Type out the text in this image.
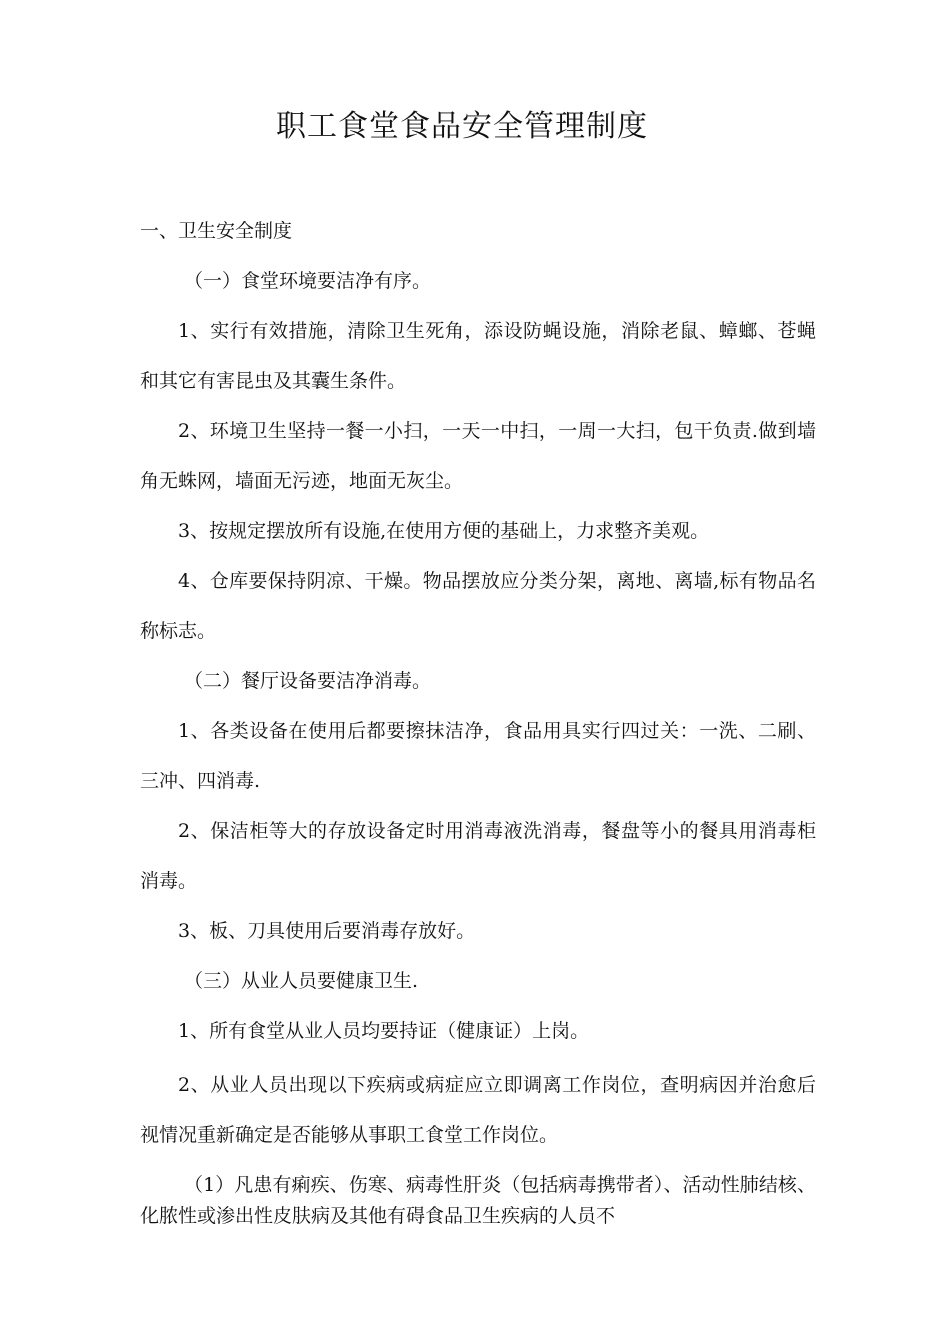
职工食堂食品安全管理制度

一、卫生安全制度

（一）食堂环境要洁净有序。

1、实行有效措施，清除卫生死角，添设防蝇设施，消除老鼠、蟑螂、苍蝇和其它有害昆虫及其囊生条件。

2、环境卫生坚持一餐一小扫，一天一中扫，一周一大扫，包干负责.做到墙角无蛛网，墙面无污迹，地面无灰尘。

3、按规定摆放所有设施,在使用方便的基础上，力求整齐美观。

4、仓库要保持阴凉、干燥。物品摆放应分类分架，离地、离墙,标有物品名称标志。

（二）餐厅设备要洁净消毒。

1、各类设备在使用后都要擦抹洁净，食品用具实行四过关：一洗、二刷、三冲、四消毒.

2、保洁柜等大的存放设备定时用消毒液洗消毒，餐盘等小的餐具用消毒柜消毒。

3、板、刀具使用后要消毒存放好。

（三）从业人员要健康卫生.

1、所有食堂从业人员均要持证（健康证）上岗。

2、从业人员出现以下疾病或病症应立即调离工作岗位，查明病因并治愈后视情况重新确定是否能够从事职工食堂工作岗位。

（1）凡患有痢疾、伤寒、病毒性肝炎（包括病毒携带者）、活动性肺结核、化脓性或渗出性皮肤病及其他有碍食品卫生疾病的人员不
